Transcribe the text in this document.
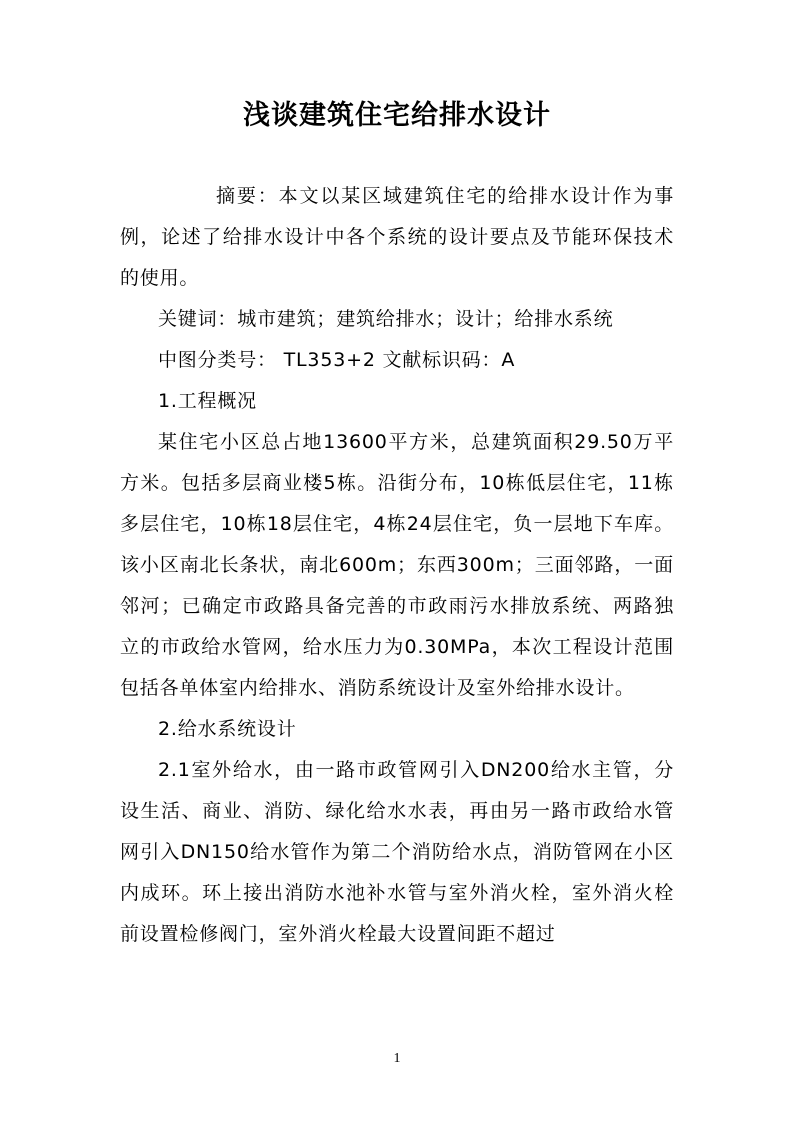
浅谈建筑住宅给排水设计

摘要：本文以某区域建筑住宅的给排水设计作为事例，论述了给排水设计中各个系统的设计要点及节能环保技术的使用。

关键词：城市建筑；建筑给排水；设计；给排水系统

中图分类号： TL353+2 文献标识码：A

1.工程概况

某住宅小区总占地13600平方米，总建筑面积29.50万平方米。包括多层商业楼5栋。沿街分布，10栋低层住宅，11栋多层住宅，10栋18层住宅，4栋24层住宅，负一层地下车库。该小区南北长条状，南北600m；东西300m；三面邻路，一面邻河；已确定市政路具备完善的市政雨污水排放系统、两路独立的市政给水管网，给水压力为0.30MPa，本次工程设计范围包括各单体室内给排水、消防系统设计及室外给排水设计。

2.给水系统设计

2.1室外给水，由一路市政管网引入DN200给水主管，分设生活、商业、消防、绿化给水水表，再由另一路市政给水管网引入DN150给水管作为第二个消防给水点，消防管网在小区内成环。环上接出消防水池补水管与室外消火栓，室外消火栓前设置检修阀门，室外消火栓最大设置间距不超过

1
